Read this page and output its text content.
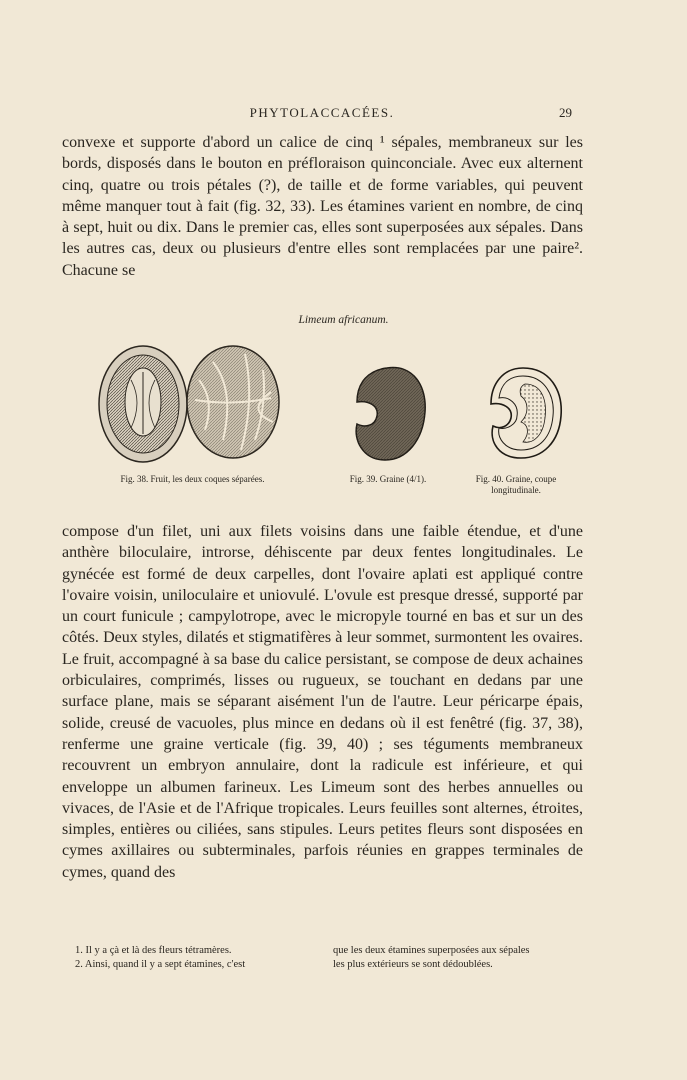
PHYTOLACCACÉES.	29

convexe et supporte d'abord un calice de cinq ¹ sépales, membraneux sur les bords, disposés dans le bouton en préfloraison quinconciale. Avec eux alternent cinq, quatre ou trois pétales (?), de taille et de forme variables, qui peuvent même manquer tout à fait (fig. 32, 33). Les étamines varient en nombre, de cinq à sept, huit ou dix. Dans le premier cas, elles sont superposées aux sépales. Dans les autres cas, deux ou plusieurs d'entre elles sont remplacées par une paire². Chacune se

Limeum africanum.
Fig. 38. Fruit, les deux coques séparées.	Fig. 39. Graine (4/1).	Fig. 40. Graine, coupe longitudinale.

compose d'un filet, uni aux filets voisins dans une faible étendue, et d'une anthère biloculaire, introrse, déhiscente par deux fentes longitudinales. Le gynécée est formé de deux carpelles, dont l'ovaire aplati est appliqué contre l'ovaire voisin, uniloculaire et uniovulé. L'ovule est presque dressé, supporté par un court funicule ; campylotrope, avec le micropyle tourné en bas et sur un des côtés. Deux styles, dilatés et stigmatifères à leur sommet, surmontent les ovaires. Le fruit, accompagné à sa base du calice persistant, se compose de deux achaines orbiculaires, comprimés, lisses ou rugueux, se touchant en dedans par une surface plane, mais se séparant aisément l'un de l'autre. Leur péricarpe épais, solide, creusé de vacuoles, plus mince en dedans où il est fenêtré (fig. 37, 38), renferme une graine verticale (fig. 39, 40) ; ses téguments membraneux recouvrent un embryon annulaire, dont la radicule est inférieure, et qui enveloppe un albumen farineux. Les Limeum sont des herbes annuelles ou vivaces, de l'Asie et de l'Afrique tropicales. Leurs feuilles sont alternes, étroites, simples, entières ou ciliées, sans stipules. Leurs petites fleurs sont disposées en cymes axillaires ou subterminales, parfois réunies en grappes terminales de cymes, quand des

1. Il y a çà et là des fleurs tétramères.
2. Ainsi, quand il y a sept étamines, c'est
que les deux étamines superposées aux sépales
les plus extérieurs se sont dédoublées.
